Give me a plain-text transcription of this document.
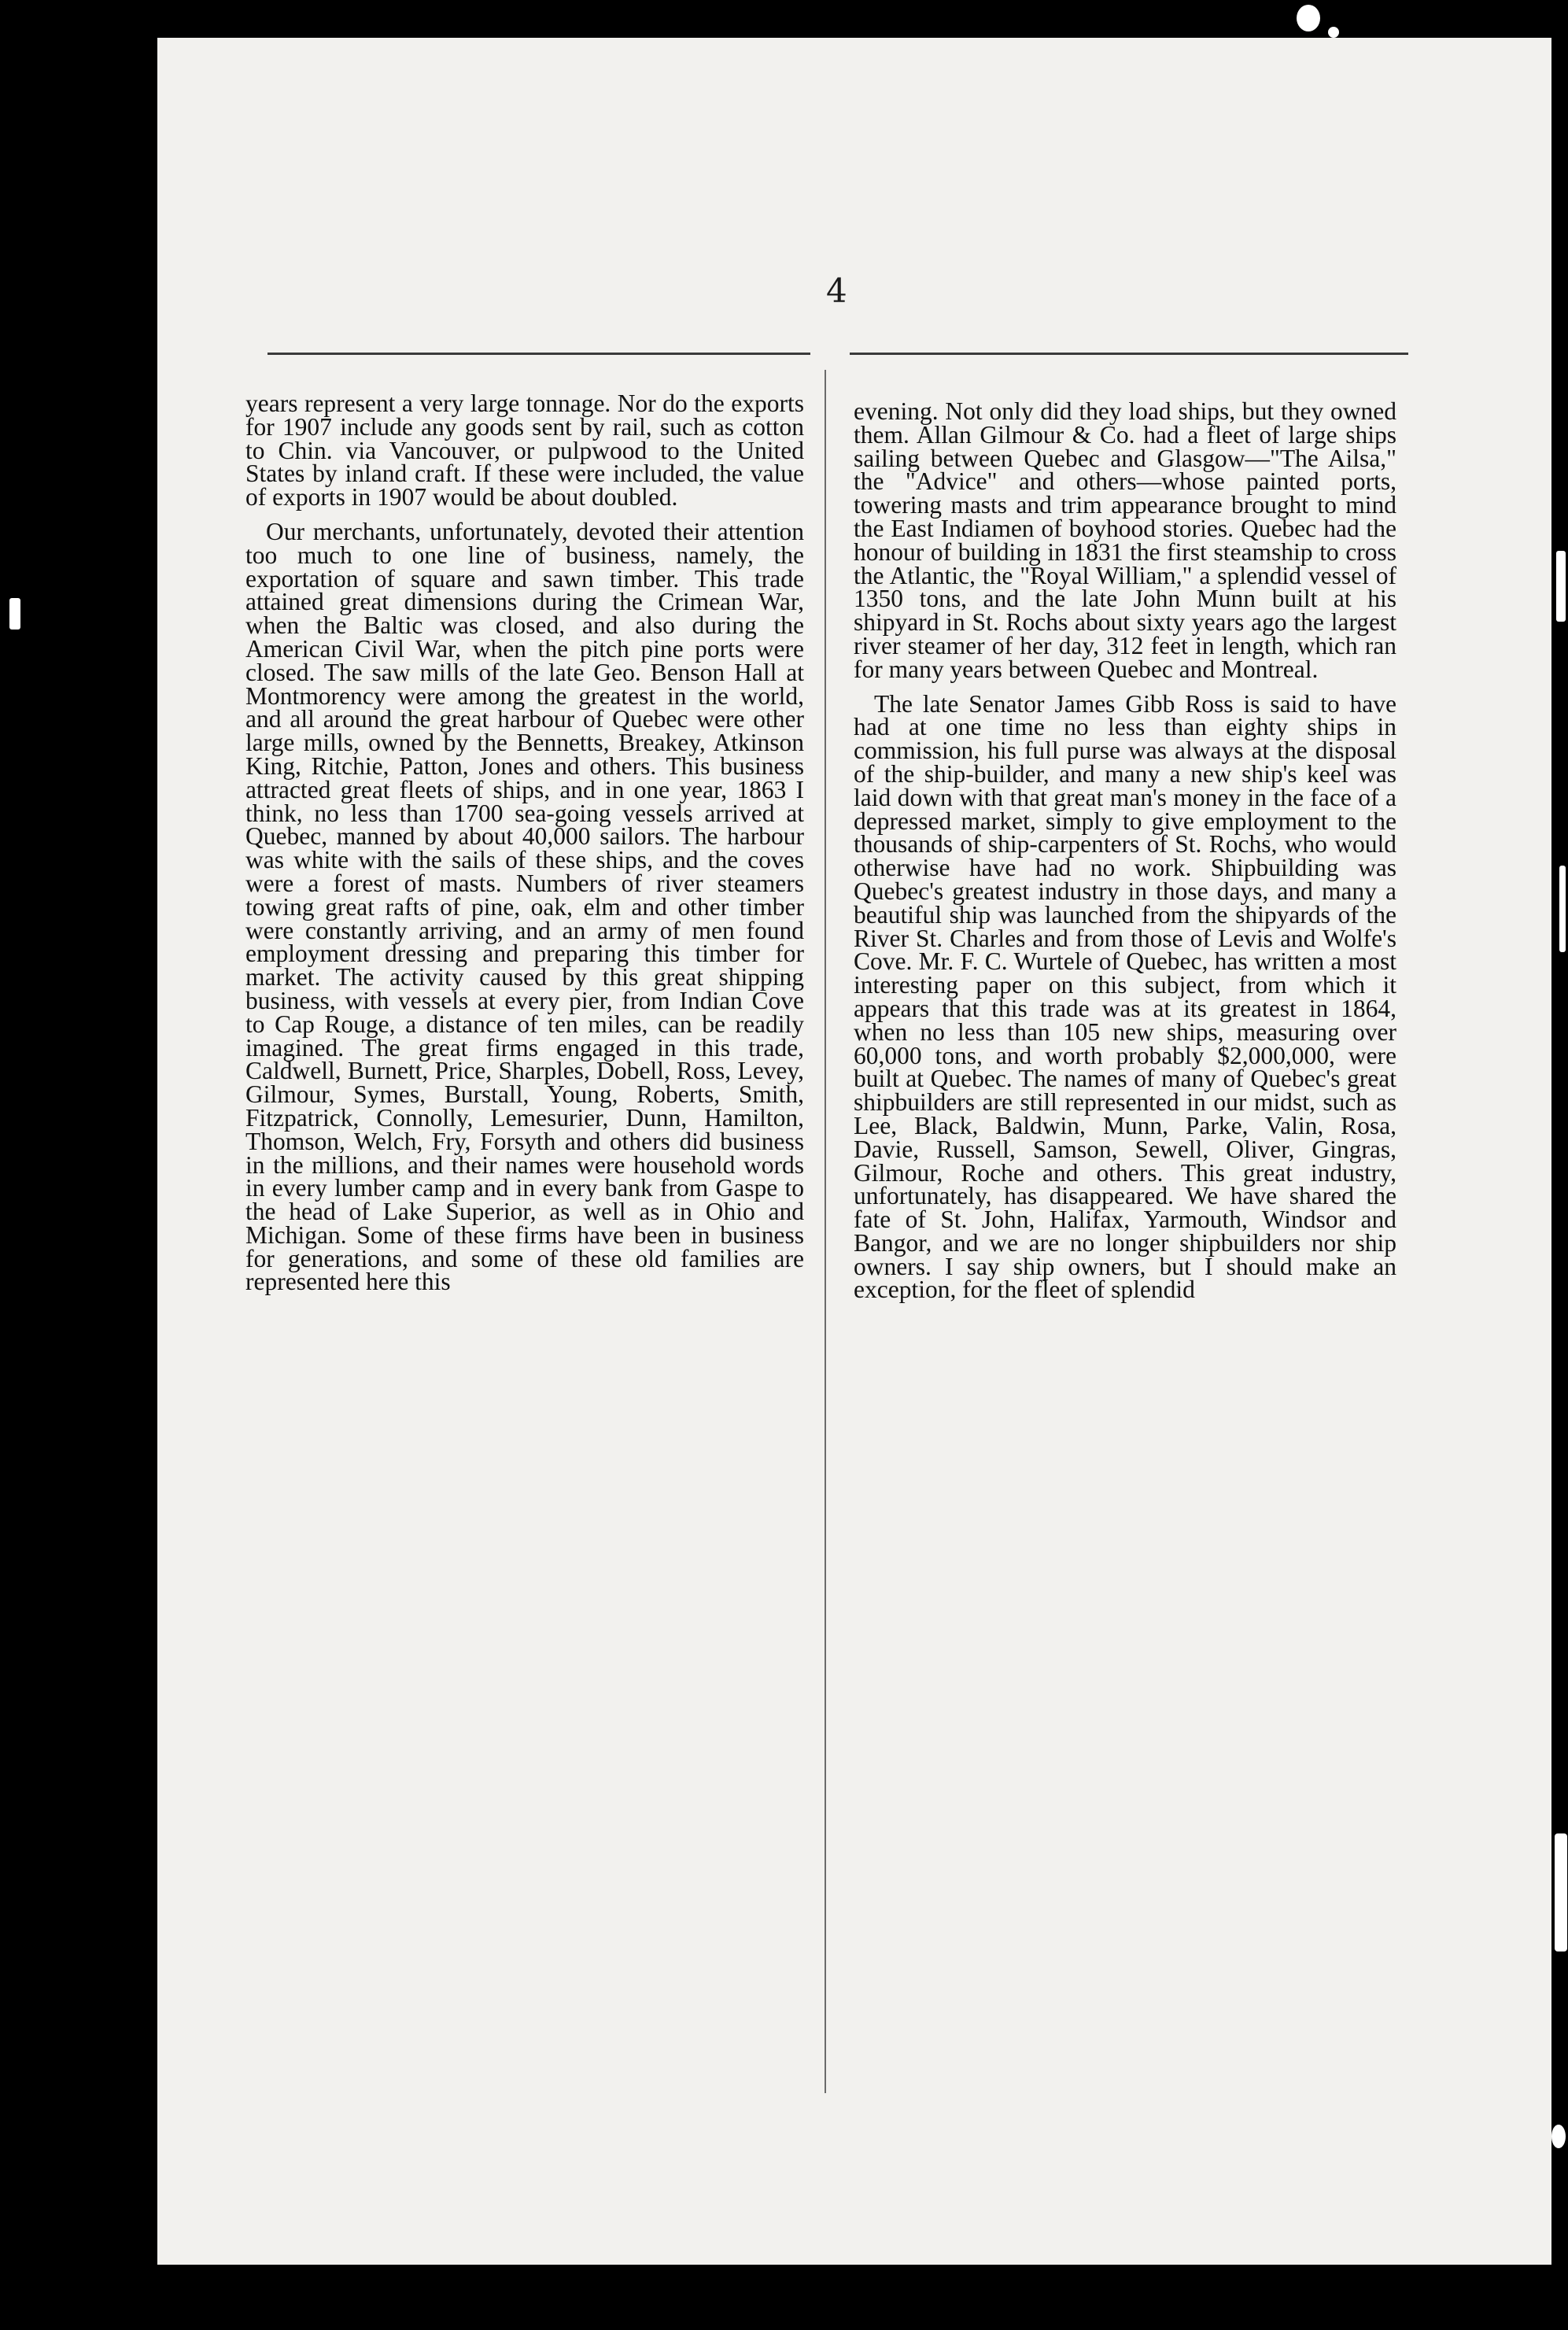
4

years represent a very large tonnage. Nor do the exports for 1907 include any goods sent by rail, such as cotton to Chin. via Vancouver, or pulpwood to the United States by inland craft. If these were included, the value of exports in 1907 would be about doubled.

Our merchants, unfortunately, devoted their attention too much to one line of business, namely, the exportation of square and sawn timber. This trade attained great dimensions during the Crimean War, when the Baltic was closed, and also during the American Civil War, when the pitch pine ports were closed. The saw mills of the late Geo. Benson Hall at Montmorency were among the greatest in the world, and all around the great harbour of Quebec were other large mills, owned by the Bennetts, Breakey, Atkinson King, Ritchie, Patton, Jones and others. This business attracted great fleets of ships, and in one year, 1863 I think, no less than 1700 sea-going vessels arrived at Quebec, manned by about 40,000 sailors. The harbour was white with the sails of these ships, and the coves were a forest of masts. Numbers of river steamers towing great rafts of pine, oak, elm and other timber were constantly arriving, and an army of men found employment dressing and preparing this timber for market. The activity caused by this great shipping business, with vessels at every pier, from Indian Cove to Cap Rouge, a distance of ten miles, can be readily imagined. The great firms engaged in this trade, Caldwell, Burnett, Price, Sharples, Dobell, Ross, Levey, Gilmour, Symes, Burstall, Young, Roberts, Smith, Fitzpatrick, Connolly, Lemesurier, Dunn, Hamilton, Thomson, Welch, Fry, Forsyth and others did business in the millions, and their names were household words in every lumber camp and in every bank from Gaspe to the head of Lake Superior, as well as in Ohio and Michigan. Some of these firms have been in business for generations, and some of these old families are represented here this

evening. Not only did they load ships, but they owned them. Allan Gilmour & Co. had a fleet of large ships sailing between Quebec and Glasgow—"The Ailsa," the "Advice" and others—whose painted ports, towering masts and trim appearance brought to mind the East Indiamen of boyhood stories. Quebec had the honour of building in 1831 the first steamship to cross the Atlantic, the "Royal William," a splendid vessel of 1350 tons, and the late John Munn built at his shipyard in St. Rochs about sixty years ago the largest river steamer of her day, 312 feet in length, which ran for many years between Quebec and Montreal.

The late Senator James Gibb Ross is said to have had at one time no less than eighty ships in commission, his full purse was always at the disposal of the ship-builder, and many a new ship's keel was laid down with that great man's money in the face of a depressed market, simply to give employment to the thousands of ship-carpenters of St. Rochs, who would otherwise have had no work. Shipbuilding was Quebec's greatest industry in those days, and many a beautiful ship was launched from the shipyards of the River St. Charles and from those of Levis and Wolfe's Cove. Mr. F. C. Wurtele of Quebec, has written a most interesting paper on this subject, from which it appears that this trade was at its greatest in 1864, when no less than 105 new ships, measuring over 60,000 tons, and worth probably $2,000,000, were built at Quebec. The names of many of Quebec's great shipbuilders are still represented in our midst, such as Lee, Black, Baldwin, Munn, Parke, Valin, Rosa, Davie, Russell, Samson, Sewell, Oliver, Gingras, Gilmour, Roche and others. This great industry, unfortunately, has disappeared. We have shared the fate of St. John, Halifax, Yarmouth, Windsor and Bangor, and we are no longer shipbuilders nor ship owners. I say ship owners, but I should make an exception, for the fleet of splendid
